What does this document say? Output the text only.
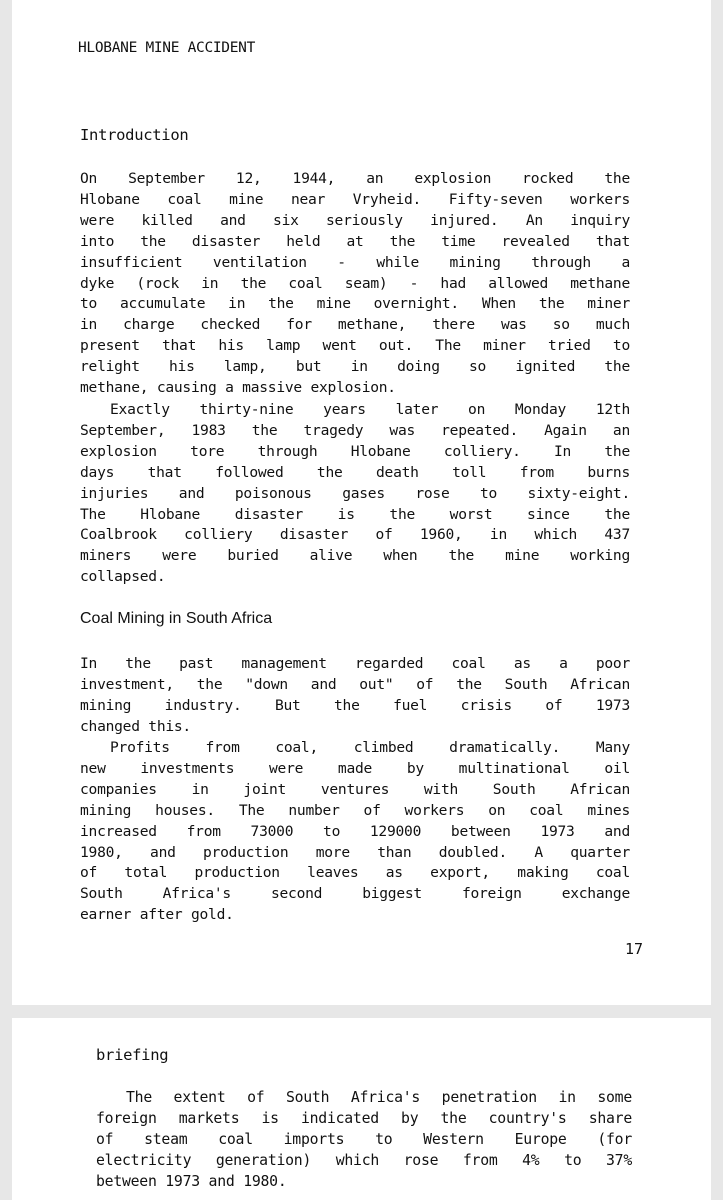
HLOBANE MINE ACCIDENT
Introduction
On September 12, 1944, an explosion rocked the
Hlobane coal mine near Vryheid. Fifty-seven workers
were killed and six seriously injured. An inquiry
into the disaster held at the time revealed that
insufficient ventilation - while mining through a
dyke (rock in the coal seam) - had allowed methane
to accumulate in the mine overnight. When the miner
in charge checked for methane, there was so much
present that his lamp went out. The miner tried to
relight his lamp, but in doing so ignited the
methane, causing a massive explosion.
Exactly thirty-nine years later on Monday 12th
September, 1983 the tragedy was repeated. Again an
explosion tore through Hlobane colliery. In the
days that followed the death toll from burns
injuries and poisonous gases rose to sixty-eight.
The Hlobane disaster is the worst since the
Coalbrook colliery disaster of 1960, in which 437
miners were buried alive when the mine working
collapsed.
Coal Mining in South Africa
In the past management regarded coal as a poor
investment, the "down and out" of the South African
mining industry. But the fuel crisis of 1973
changed this.
Profits from coal, climbed dramatically. Many
new investments were made by multinational oil
companies in joint ventures with South African
mining houses. The number of workers on coal mines
increased from 73000 to 129000 between 1973 and
1980, and production more than doubled. A quarter
of total production leaves as export, making coal
South Africa's second biggest foreign exchange
earner after gold.
17
briefing
The extent of South Africa's penetration in some
foreign markets is indicated by the country's share
of steam coal imports to Western Europe (for
electricity generation) which rose from 4% to 37%
between 1973 and 1980.
